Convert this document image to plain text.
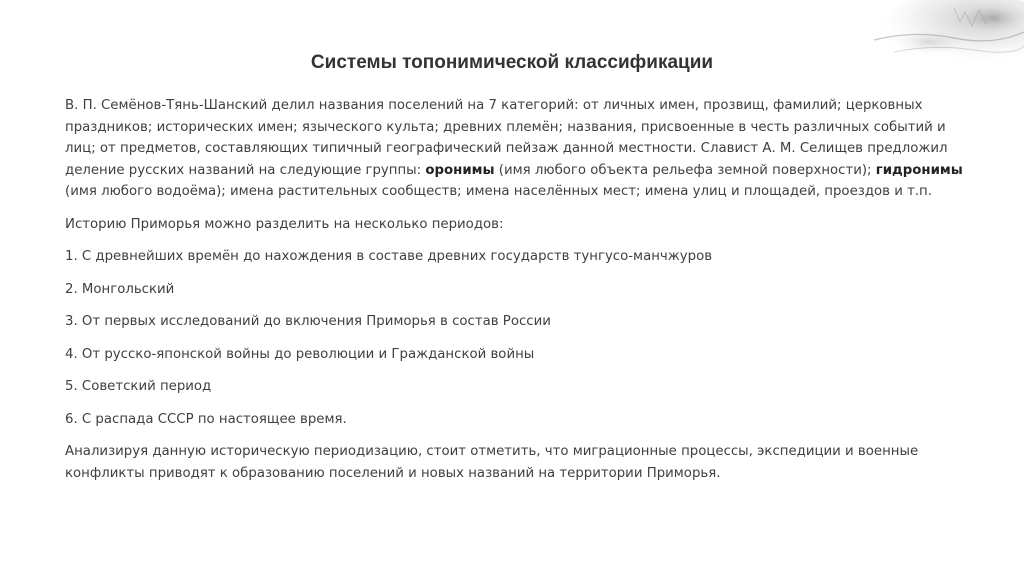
Системы топонимической классификации

В. П. Семёнов-Тянь-Шанский делил названия поселений на 7 категорий: от личных имен, прозвищ, фамилий; церковных праздников; исторических имен; языческого культа; древних племён; названия, присвоенные в честь различных событий и лиц; от предметов, составляющих типичный географический пейзаж данной местности. Славист А. М. Селищев предложил деление русских названий на следующие группы: оронимы (имя любого объекта рельефа земной поверхности); гидронимы (имя любого водоёма); имена растительных сообществ; имена населённых мест; имена улиц и площадей, проездов и т.п.

Историю Приморья можно разделить на несколько периодов:

1. С древнейших времён до нахождения в составе древних государств тунгусо-манчжуров

2. Монгольский

3. От первых исследований до включения Приморья в состав России

4. От русско-японской войны до революции и Гражданской войны

5. Советский период

6. С распада СССР по настоящее время.

Анализируя данную историческую периодизацию, стоит отметить, что миграционные процессы, экспедиции и военные конфликты приводят к образованию поселений и новых названий на территории Приморья.
